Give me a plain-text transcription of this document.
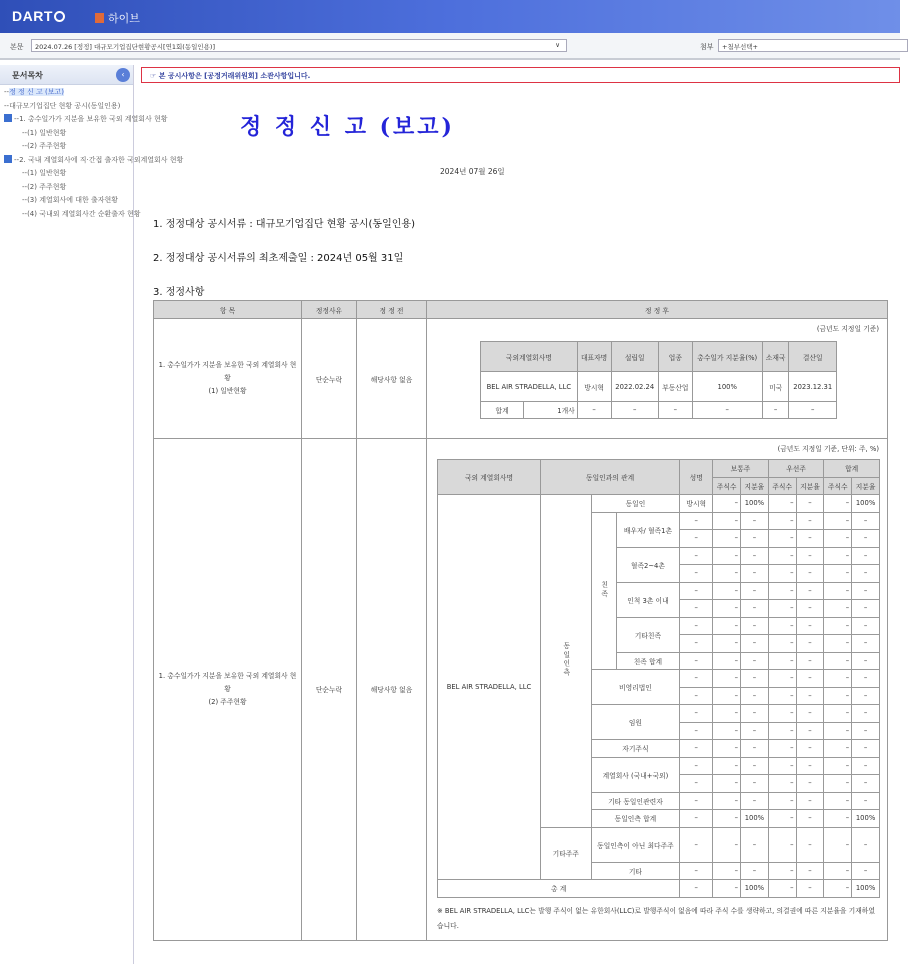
DART	하이브
본문	2024.07.26 [정정] 대규모기업집단현황공시[연1회(동일인용)]	∨	첨부	+첨부선택+
문서목차	‹
--정 정 신 고 (보고)
--대규모기업집단 현황 공시(동일인용)
--1. 총수일가가 지분을 보유한 국외 계열회사 현황
--(1) 일반현황
--(2) 주주현황
--2. 국내 계열회사에 직·간접 출자한 국외계열회사 현황
--(1) 일반현황
--(2) 주주현황
--(3) 계열회사에 대한 출자현황
--(4) 국내외 계열회사간 순환출자 현황
☞ 본 공시사항은 [공정거래위원회] 소관사항입니다.
정 정 신 고 (보고)
2024년 07월 26일
1. 정정대상 공시서류 : 대규모기업집단 현황 공시(동일인용)
2. 정정대상 공시서류의 최초제출일 : 2024년 05월 31일
3. 정정사항
항 목	정정사유	정 정 전	정 정 후
1. 총수일가가 지분을 보유한 국외 계열회사 현황
(1) 일반현황	단순누락	해당사항 없음	
(금년도 지정일 기준)
국외계열회사명	대표자명	설립일	업종	총수일가 지분율(%)	소재국	결산일
BEL AIR STRADELLA, LLC	방시혁	2022.02.24	부동산업	100%	미국	2023.12.31
합계	1개사	–	–	–	–	–	–

1. 총수일가가 지분을 보유한 국외 계열회사 현황
(2) 주주현황	단순누락	해당사항 없음	
(금년도 지정일 기준, 단위: 주, %)
국외 계열회사명	동일인과의 관계	성명	보통주	우선주	합계
주식수	지분율	주식수	지분율	주식수	지분율
BEL AIR STRADELLA, LLC	동일인측	동일인	방시혁	–	100%	–	–	–	100%
친족	배우자/ 혈족1촌	–	–	–	–	–	–	–
–	–	–	–	–	–	–
혈족2~4촌	–	–	–	–	–	–	–
–	–	–	–	–	–	–
인척 3촌 이내	–	–	–	–	–	–	–
–	–	–	–	–	–	–
기타친족	–	–	–	–	–	–	–
–	–	–	–	–	–	–
친족 합계	–	–	–	–	–	–	–
비영리법인	–	–	–	–	–	–	–
–	–	–	–	–	–	–
임원	–	–	–	–	–	–	–
–	–	–	–	–	–	–
자기주식	–	–	–	–	–	–	–
계열회사 (국내+국외)	–	–	–	–	–	–	–
–	–	–	–	–	–	–
기타 동일인관련자	–	–	–	–	–	–	–
동일인측 합계	–	–	100%	–	–	–	100%
기타주주	동일인측이 아닌 최다주주	–	–	–	–	–	–	–
기타	–	–	–	–	–	–	–
총 계	–	–	100%	–	–	–	100%
※ BEL AIR STRADELLA, LLC는 발행 주식이 없는 유한회사(LLC)로 발행주식이 없음에 따라 주식 수를 생략하고, 의결권에 따른 지분율을 기재하였습니다.
